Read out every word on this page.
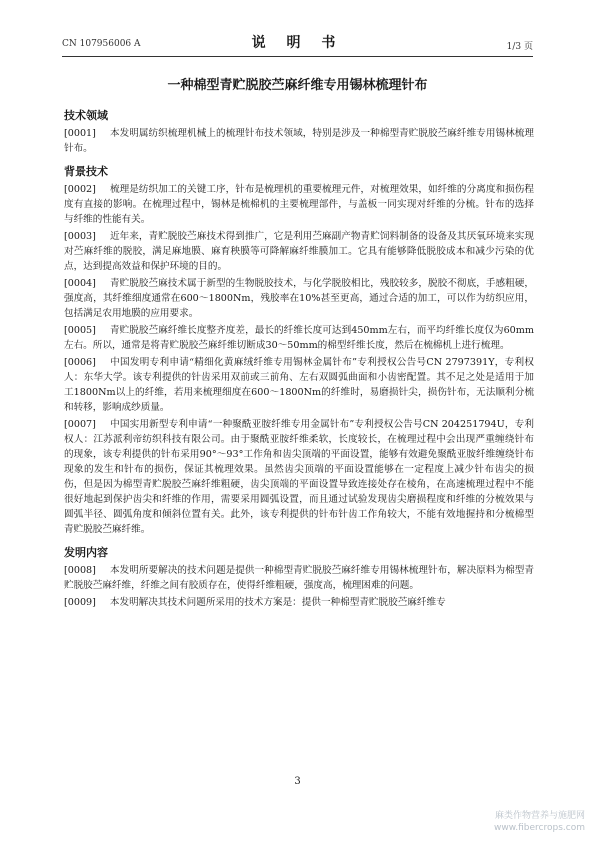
CN 107956006 A	说 明 书	1/3 页
一种棉型青贮脱胶苎麻纤维专用锡林梳理针布
技术领域

[0001] 本发明属纺织梳理机械上的梳理针布技术领域，特别是涉及一种棉型青贮脱胶苎麻纤维专用锡林梳理针布。

背景技术

[0002] 梳理是纺织加工的关键工序，针布是梳理机的重要梳理元件，对梳理效果，如纤维的分离度和损伤程度有直接的影响。在梳理过程中，锡林是梳棉机的主要梳理部件，与盖板一同实现对纤维的分梳。针布的选择与纤维的性能有关。

[0003] 近年来，青贮脱胶苎麻技术得到推广，它是利用苎麻副产物青贮饲料制备的设备及其厌氧环境来实现对苎麻纤维的脱胶，满足麻地膜、麻育秧膜等可降解麻纤维膜加工。它具有能够降低脱胶成本和减少污染的优点，达到提高效益和保护环境的目的。

[0004] 青贮脱胶苎麻技术属于新型的生物脱胶技术，与化学脱胶相比，残胶较多，脱胶不彻底，手感粗硬，强度高，其纤维细度通常在600～1800Nm，残胶率在10%甚至更高，通过合适的加工，可以作为纺织应用，包括满足农用地膜的应用要求。

[0005] 青贮脱胶苎麻纤维长度整齐度差，最长的纤维长度可达到450mm左右，而平均纤维长度仅为60mm左右。所以，通常是将青贮脱胶苎麻纤维切断成30～50mm的棉型纤维长度，然后在梳棉机上进行梳理。

[0006] 中国发明专利申请“精细化黄麻绒纤维专用锡林金属针布”专利授权公告号CN 2797391Y，专利权人：东华大学。该专利提供的针齿采用双前或三前角、左右双圆弧曲面和小齿密配置。其不足之处是适用于加工1800Nm以上的纤维，若用来梳理细度在600～1800Nm的纤维时，易磨损针尖，损伤针布，无法顺利分梳和转移，影响成纱质量。

[0007] 中国实用新型专利申请“一种聚酰亚胺纤维专用金属针布”专利授权公告号CN 204251794U，专利权人：江苏派利帝纺织科技有限公司。由于聚酰亚胺纤维柔软，长度较长，在梳理过程中会出现严重缠绕针布的现象，该专利提供的针布采用90°～93°工作角和齿尖顶端的平面设置，能够有效避免聚酰亚胺纤维缠绕针布现象的发生和针布的损伤，保证其梳理效果。虽然齿尖顶端的平面设置能够在一定程度上减少针布齿尖的损伤，但是因为棉型青贮脱胶苎麻纤维粗硬，齿尖顶端的平面设置导致连接处存在棱角，在高速梳理过程中不能很好地起到保护齿尖和纤维的作用，需要采用圆弧设置，而且通过试验发现齿尖磨损程度和纤维的分梳效果与圆弧半径、圆弧角度和倾斜位置有关。此外，该专利提供的针布针齿工作角较大，不能有效地握持和分梳棉型青贮脱胶苎麻纤维。

发明内容

[0008] 本发明所要解决的技术问题是提供一种棉型青贮脱胶苎麻纤维专用锡林梳理针布，解决原料为棉型青贮脱胶苎麻纤维，纤维之间有胶质存在，使得纤维粗硬，强度高，梳理困难的问题。

[0009] 本发明解决其技术问题所采用的技术方案是：提供一种棉型青贮脱胶苎麻纤维专

3
麻类作物营养与施肥网
www.fibercrops.com
